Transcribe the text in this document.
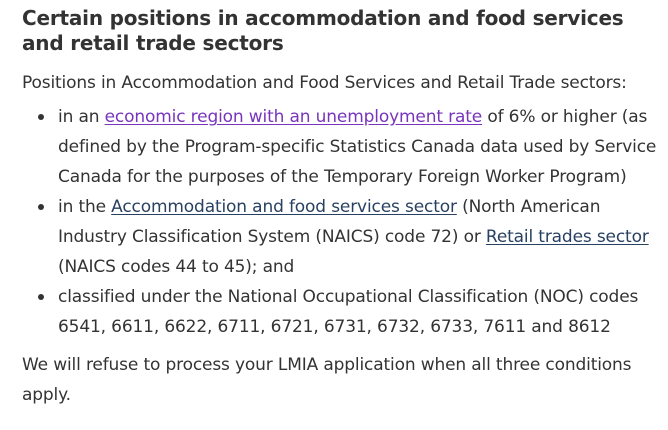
Certain positions in accommodation and food services and retail trade sectors

Positions in Accommodation and Food Services and Retail Trade sectors:

in an economic region with an unemployment rate of 6% or higher (as defined by the Program-specific Statistics Canada data used by Service Canada for the purposes of the Temporary Foreign Worker Program)
in the Accommodation and food services sector (North American Industry Classification System (NAICS) code 72) or Retail trades sector (NAICS codes 44 to 45); and
classified under the National Occupational Classification (NOC) codes 6541, 6611, 6622, 6711, 6721, 6731, 6732, 6733, 7611 and 8612

We will refuse to process your LMIA application when all three conditions apply.
